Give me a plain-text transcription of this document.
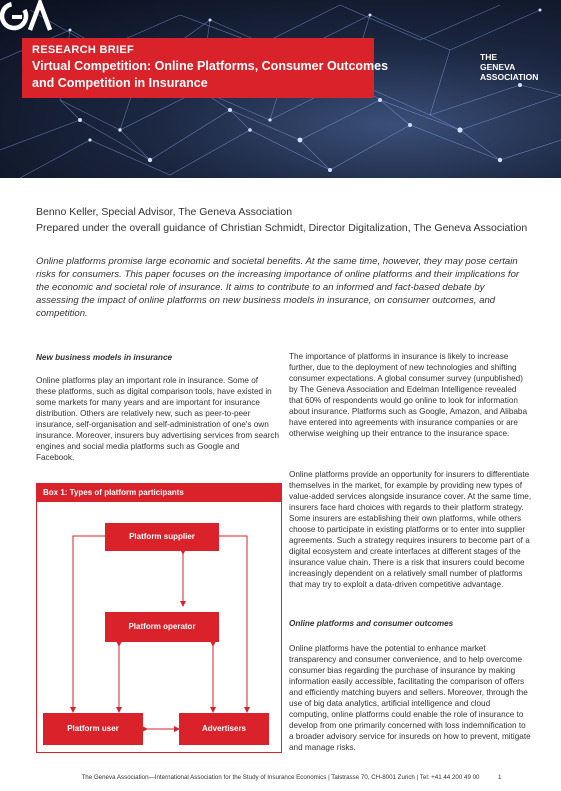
RESEARCH BRIEF
Virtual Competition: Online Platforms, Consumer Outcomes
and Competition in Insurance
THE
GENEVA
ASSOCIATION
Benno Keller, Special Advisor, The Geneva Association
Prepared under the overall guidance of Christian Schmidt, Director Digitalization, The Geneva Association
Online platforms promise large economic and societal benefits. At the same time, however, they may pose certain risks for consumers. This paper focuses on the increasing importance of online platforms and their implications for the economic and societal role of insurance. It aims to contribute to an informed and fact-based debate by assessing the impact of online platforms on new business models in insurance, on consumer outcomes, and competition.
New business models in insurance
Online platforms play an important role in insurance. Some of these platforms, such as digital comparison tools, have existed in some markets for many years and are important for insurance distribution. Others are relatively new, such as peer-to-peer insurance, self-organisation and self-administration of one's own insurance. Moreover, insurers buy advertising services from search engines and social media platforms such as Google and Facebook.
Box 1: Types of platform participants
Platform supplier
Platform operator
Platform user	Advertisers
The importance of platforms in insurance is likely to increase further, due to the deployment of new technologies and shifting consumer expectations. A global consumer survey (unpublished) by The Geneva Association and Edelman Intelligence revealed that 60% of respondents would go online to look for information about insurance. Platforms such as Google, Amazon, and Alibaba have entered into agreements with insurance companies or are otherwise weighing up their entrance to the insurance space.
Online platforms provide an opportunity for insurers to differentiate themselves in the market, for example by providing new types of value-added services alongside insurance cover. At the same time, insurers face hard choices with regards to their platform strategy. Some insurers are establishing their own platforms, while others choose to participate in existing platforms or to enter into supplier agreements. Such a strategy requires insurers to become part of a digital ecosystem and create interfaces at different stages of the insurance value chain. There is a risk that insurers could become increasingly dependent on a relatively small number of platforms that may try to exploit a data-driven competitive advantage.
Online platforms and consumer outcomes
Online platforms have the potential to enhance market transparency and consumer convenience, and to help overcome consumer bias regarding the purchase of insurance by making information easily accessible, facilitating the comparison of offers and efficiently matching buyers and sellers. Moreover, through the use of big data analytics, artificial intelligence and cloud computing, online platforms could enable the role of insurance to develop from one primarily concerned with loss indemnification to a broader advisory service for insureds on how to prevent, mitigate and manage risks.
The Geneva Association—International Association for the Study of Insurance Economics | Talstrasse 70, CH-8001 Zurich | Tel: +41 44 200 49 00	1
